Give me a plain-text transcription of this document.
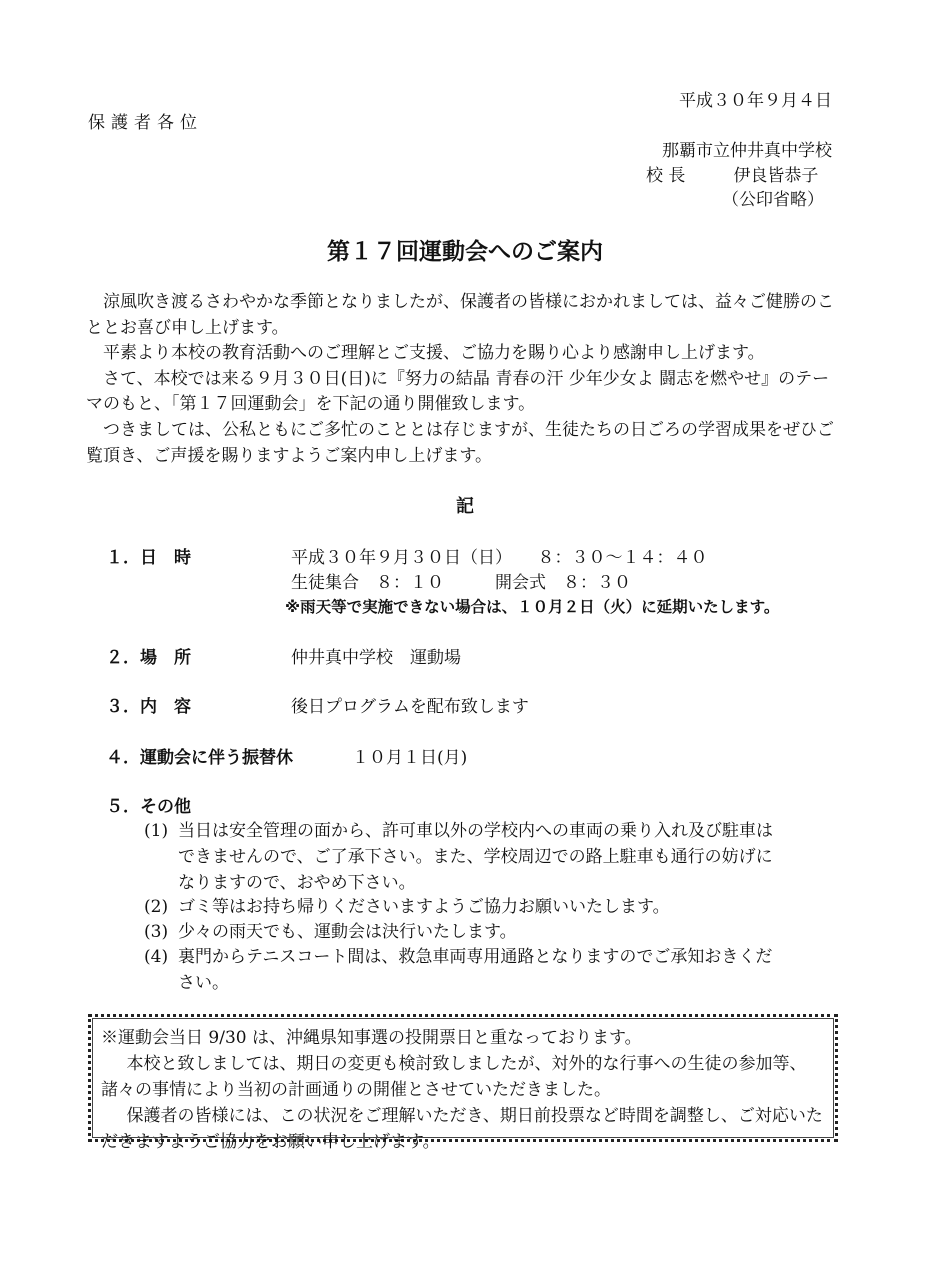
平成３０年９月４日
保護者各位
那覇市立仲井真中学校
校 長	伊良皆恭子
（公印省略）
第１７回運動会へのご案内

涼風吹き渡るさわやかな季節となりましたが、保護者の皆様におかれましては、益々ご健勝のこととお喜び申し上げます。

平素より本校の教育活動へのご理解とご支援、ご協力を賜り心より感謝申し上げます。

さて、本校では来る９月３０日(日)に『努力の結晶 青春の汗 少年少女よ 闘志を燃やせ』のテーマのもと、「第１７回運動会」を下記の通り開催致します。

つきましては、公私ともにご多忙のこととは存じますが、生徒たちの日ごろの学習成果をぜひご覧頂き、ご声援を賜りますようご案内申し上げます。

記
１．日　時	平成３０年９月３０日（日）　　８：３０～１４：４０
生徒集合　８：１０　　　開会式　８：３０
※雨天等で実施できない場合は、１０月２日（火）に延期いたします。
２．場　所	仲井真中学校　運動場
３．内　容	後日プログラムを配布致します
４．運動会に伴う振替休	１０月１日(月)
５．その他
(1) 当日は安全管理の面から、許可車以外の学校内への車両の乗り入れ及び駐車は
できませんので、ご了承下さい。また、学校周辺での路上駐車も通行の妨げに
なりますので、おやめ下さい。
(2) ゴミ等はお持ち帰りくださいますようご協力お願いいたします。
(3) 少々の雨天でも、運動会は決行いたします。
(4) 裏門からテニスコート間は、救急車両専用通路となりますのでご承知おきくだ
さい。

※運動会当日 9/30 は、沖縄県知事選の投開票日と重なっております。

本校と致しましては、期日の変更も検討致しましたが、対外的な行事への生徒の参加等、諸々の事情により当初の計画通りの開催とさせていただきました。

保護者の皆様には、この状況をご理解いただき、期日前投票など時間を調整し、ご対応いただきますようご協力をお願い申し上げます。
